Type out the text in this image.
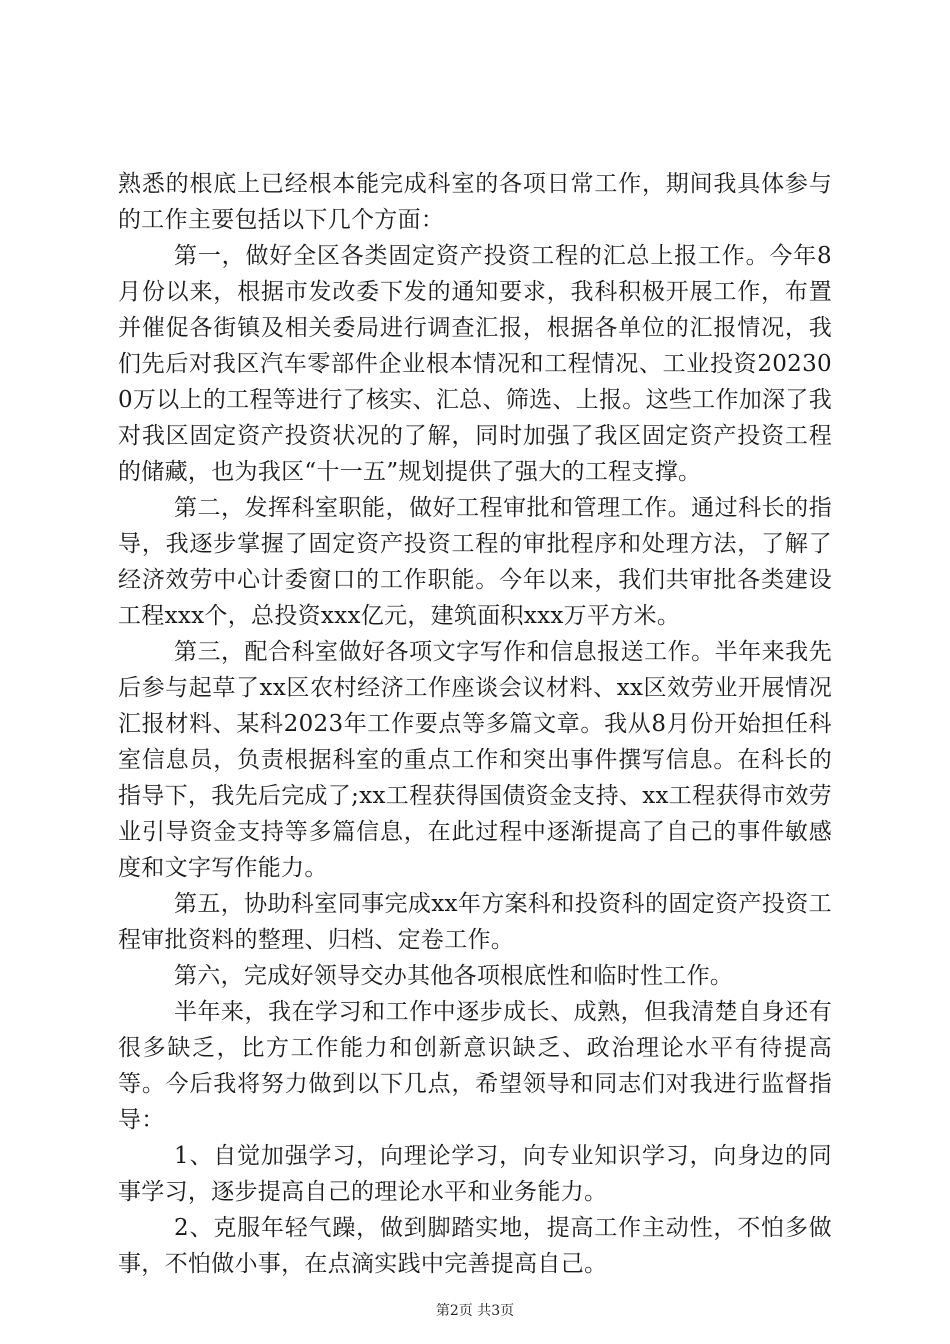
熟悉的根底上已经根本能完成科室的各项日常工作，期间我具体参与的工作主要包括以下几个方面：

第一，做好全区各类固定资产投资工程的汇总上报工作。今年8月份以来，根据市发改委下发的通知要求，我科积极开展工作，布置并催促各街镇及相关委局进行调查汇报，根据各单位的汇报情况，我们先后对我区汽车零部件企业根本情况和工程情况、工业投资202300万以上的工程等进行了核实、汇总、筛选、上报。这些工作加深了我对我区固定资产投资状况的了解，同时加强了我区固定资产投资工程的储藏，也为我区“十一五”规划提供了强大的工程支撑。

第二，发挥科室职能，做好工程审批和管理工作。通过科长的指导，我逐步掌握了固定资产投资工程的审批程序和处理方法，了解了经济效劳中心计委窗口的工作职能。今年以来，我们共审批各类建设工程xxx个，总投资xxx亿元，建筑面积xxx万平方米。

第三，配合科室做好各项文字写作和信息报送工作。半年来我先后参与起草了xx区农村经济工作座谈会议材料、xx区效劳业开展情况汇报材料、某科2023年工作要点等多篇文章。我从8月份开始担任科室信息员，负责根据科室的重点工作和突出事件撰写信息。在科长的指导下，我先后完成了;xx工程获得国债资金支持、xx工程获得市效劳业引导资金支持等多篇信息，在此过程中逐渐提高了自己的事件敏感度和文字写作能力。

第五，协助科室同事完成xx年方案科和投资科的固定资产投资工程审批资料的整理、归档、定卷工作。

第六，完成好领导交办其他各项根底性和临时性工作。

半年来，我在学习和工作中逐步成长、成熟，但我清楚自身还有很多缺乏，比方工作能力和创新意识缺乏、政治理论水平有待提高等。今后我将努力做到以下几点，希望领导和同志们对我进行监督指导：

1、自觉加强学习，向理论学习，向专业知识学习，向身边的同事学习，逐步提高自己的理论水平和业务能力。

2、克服年轻气躁，做到脚踏实地，提高工作主动性，不怕多做事，不怕做小事，在点滴实践中完善提高自己。

第2页 共3页
